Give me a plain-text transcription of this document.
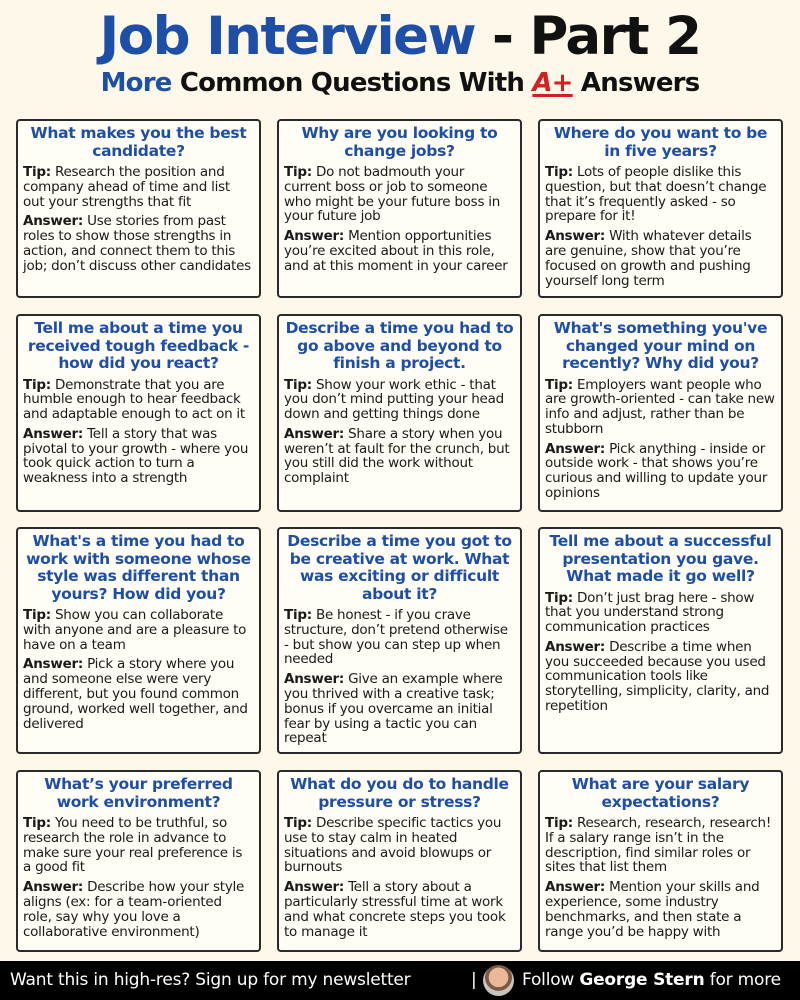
Job Interview - Part 2
More Common Questions With A+ Answers
What makes you the best candidate?
Tip: Research the position and company ahead of time and list out your strengths that fit
Answer: Use stories from past roles to show those strengths in action, and connect them to this job; don’t discuss other candidates
Why are you looking to change jobs?
Tip: Do not badmouth your current boss or job to someone who might be your future boss in your future job
Answer: Mention opportunities you’re excited about in this role, and at this moment in your career
Where do you want to be in five years?
Tip: Lots of people dislike this question, but that doesn’t change that it’s frequently asked - so prepare for it!
Answer: With whatever details are genuine, show that you’re focused on growth and pushing yourself long term
Tell me about a time you received tough feedback - how did you react?
Tip: Demonstrate that you are humble enough to hear feedback and adaptable enough to act on it
Answer: Tell a story that was pivotal to your growth - where you took quick action to turn a weakness into a strength
Describe a time you had to go above and beyond to finish a project.
Tip: Show your work ethic - that you don’t mind putting your head down and getting things done
Answer: Share a story when you weren’t at fault for the crunch, but you still did the work without complaint
What's something you've changed your mind on recently? Why did you?
Tip: Employers want people who are growth-oriented - can take new info and adjust, rather than be stubborn
Answer: Pick anything - inside or outside work - that shows you’re curious and willing to update your opinions
What's a time you had to work with someone whose style was different than yours? How did you?
Tip: Show you can collaborate with anyone and are a pleasure to have on a team
Answer: Pick a story where you and someone else were very different, but you found common ground, worked well together, and delivered
Describe a time you got to be creative at work. What was exciting or difficult about it?
Tip: Be honest - if you crave structure, don’t pretend otherwise - but show you can step up when needed
Answer: Give an example where you thrived with a creative task; bonus if you overcame an initial fear by using a tactic you can repeat
Tell me about a successful presentation you gave. What made it go well?
Tip: Don’t just brag here - show that you understand strong communication practices
Answer: Describe a time when you succeeded because you used communication tools like storytelling, simplicity, clarity, and repetition
What’s your preferred work environment?
Tip: You need to be truthful, so research the role in advance to make sure your real preference is a good fit
Answer: Describe how your style aligns (ex: for a team-oriented role, say why you love a collaborative environment)
What do you do to handle pressure or stress?
Tip: Describe specific tactics you use to stay calm in heated situations and avoid blowups or burnouts
Answer: Tell a story about a particularly stressful time at work and what concrete steps you took to manage it
What are your salary expectations?
Tip: Research, research, research! If a salary range isn’t in the description, find similar roles or sites that list them
Answer: Mention your skills and experience, some industry benchmarks, and then state a range you’d be happy with
Want this in high-res? Sign up for my newsletter	|	Follow George Stern for more
